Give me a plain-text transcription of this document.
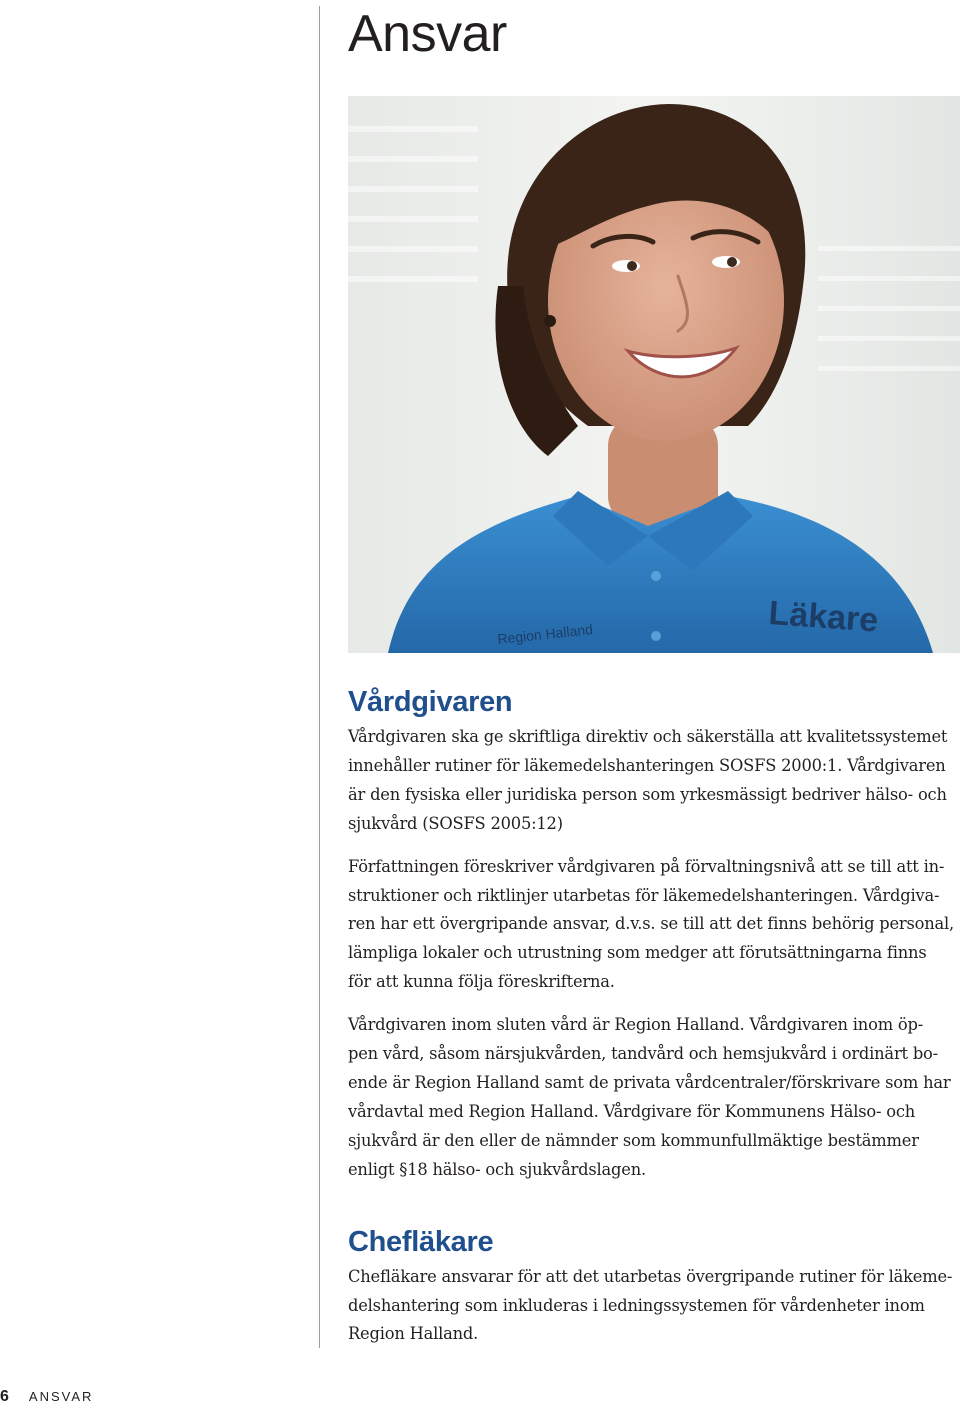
Ansvar
Region Halland	Läkare
Vårdgivaren

Vårdgivaren ska ge skriftliga direktiv och säkerställa att kvalitetssystemet
innehåller rutiner för läkemedelshanteringen SOSFS 2000:1. Vårdgivaren
är den fysiska eller juridiska person som yrkesmässigt bedriver hälso- och
sjukvård (SOSFS 2005:12)

Författningen föreskriver vårdgivaren på förvaltningsnivå att se till att in-
struktioner och riktlinjer utarbetas för läkemedelshanteringen. Vårdgiva-
ren har ett övergripande ansvar, d.v.s. se till att det finns behörig personal,
lämpliga lokaler och utrustning som medger att förutsättningarna finns
för att kunna följa föreskrifterna.

Vårdgivaren inom sluten vård är Region Halland. Vårdgivaren inom öp-
pen vård, såsom närsjukvården, tandvård och hemsjukvård i ordinärt bo-
ende är Region Halland samt de privata vårdcentraler/förskrivare som har
vårdavtal med Region Halland. Vårdgivare för Kommunens Hälso- och
sjukvård är den eller de nämnder som kommunfullmäktige bestämmer
enligt §18 hälso- och sjukvårdslagen.

Chefläkare

Chefläkare ansvarar för att det utarbetas övergripande rutiner för läkeme-
delshantering som inkluderas i ledningssystemen för vårdenheter inom
Region Halland.

6 ANSVAR
